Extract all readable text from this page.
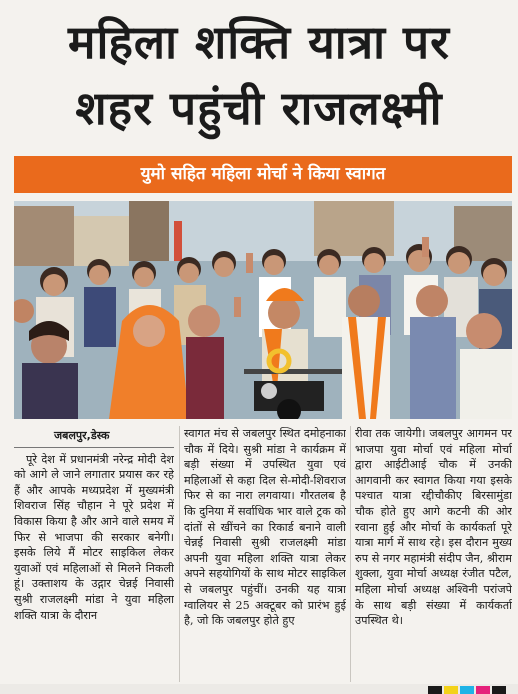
महिला शक्ति यात्रा पर
शहर पहुंची राजलक्ष्मी
युमो सहित महिला मोर्चा ने किया स्वागत
जबलपुर,डेस्क

पूरे देश में प्रधानमंत्री नरेन्द्र मोदी देश को आगे ले जाने लगातार प्रयास कर रहे हैं और आपके मध्यप्रदेश में मुख्यमंत्री शिवराज सिंह चौहान ने पूरे प्रदेश में विकास किया है और आने वाले समय में फिर से भाजपा की सरकार बनेगी। इसके लिये मैं मोटर साइकिल लेकर युवाओं एवं महिलाओं से मिलने निकली हूं। उक्ताशय के उद्गार चेन्नई निवासी सुश्री राजलक्ष्मी मांडा ने युवा महिला शक्ति यात्रा के दौरान

स्वागत मंच से जबलपुर स्थित दमोहनाका चौक में दिये। सुश्री मांडा ने कार्यक्रम में बड़ी संख्या में उपस्थित युवा एवं महिलाओं से कहा दिल से-मोदी-शिवराज फिर से का नारा लगवाया। गौरतलब है कि दुनिया में सर्वाधिक भार वाले ट्रक को दांतों से खींचने का रिकार्ड बनाने वाली चेन्नई निवासी सुश्री राजलक्ष्मी मांडा अपनी युवा महिला शक्ति यात्रा लेकर अपने सहयोगियों के साथ मोटर साइकिल से जबलपुर पहुंचीं। उनकी यह यात्रा ग्वालियर से 25 अक्टूबर को प्रारंभ हुई है, जो कि जबलपुर होते हुए

रीवा तक जायेगी। जबलपुर आगमन पर भाजपा युवा मोर्चा एवं महिला मोर्चा द्वारा आईटीआई चौक में उनकी आगवानी कर स्वागत किया गया इसके पश्चात यात्रा रद्दीचौकीए बिरसामुंडा चौक होते हुए आगे कटनी की ओर रवाना हुई और मोर्चा के कार्यकर्ता पूरे यात्रा मार्ग में साथ रहे। इस दौरान मुख्य रुप से नगर महामंत्री संदीप जैन, श्रीराम शुक्ला, युवा मोर्चा अध्यक्ष रंजीत पटैल, महिला मोर्चा अध्यक्ष अश्विनी परांजपे के साथ बड़ी संख्या में कार्यकर्ता उपस्थित थे।
